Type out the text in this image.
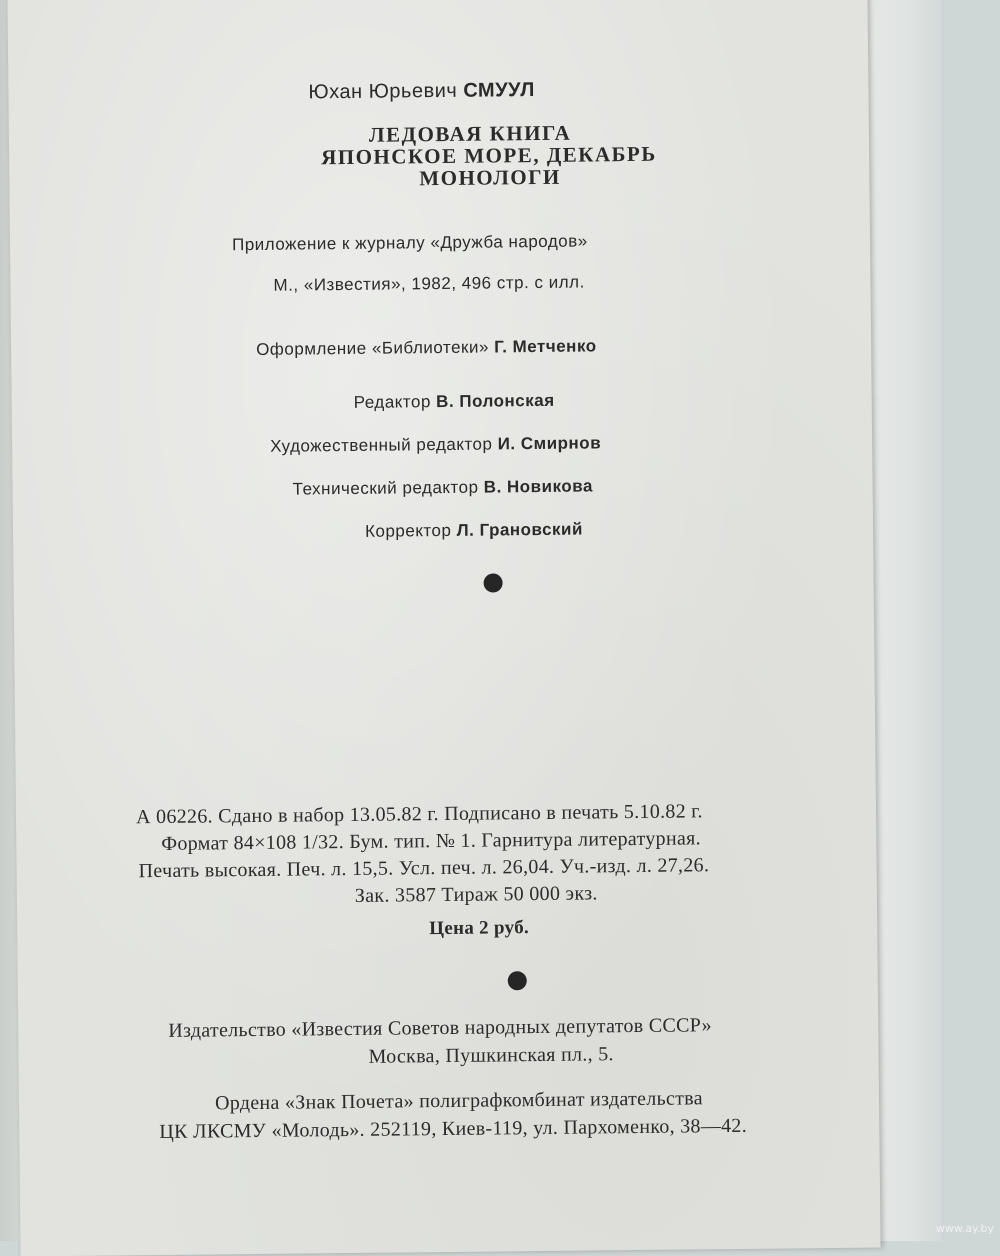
Юхан Юрьевич СМУУЛ
ЛЕДОВАЯ КНИГА
ЯПОНСКОЕ МОРЕ, ДЕКАБРЬ
МОНОЛОГИ
Приложение к журналу «Дружба народов»
М., «Известия», 1982, 496 стр. с илл.
Оформление «Библиотеки» Г. Метченко
Редактор В. Полонская
Художественный редактор И. Смирнов
Технический редактор В. Новикова
Корректор Л. Грановский
А 06226. Сдано в набор 13.05.82 г. Подписано в печать 5.10.82 г.
Формат 84×108 1/32. Бум. тип. № 1. Гарнитура литературная.
Печать высокая. Печ. л. 15,5. Усл. печ. л. 26,04. Уч.-изд. л. 27,26.
Зак. 3587 Тираж 50 000 экз.
Цена 2 руб.
Издательство «Известия Советов народных депутатов СССР»
Москва, Пушкинская пл., 5.
Ордена «Знак Почета» полиграфкомбинат издательства
ЦК ЛКСМУ «Молодь». 252119, Киев-119, ул. Пархоменко, 38—42.
www.ay.by
